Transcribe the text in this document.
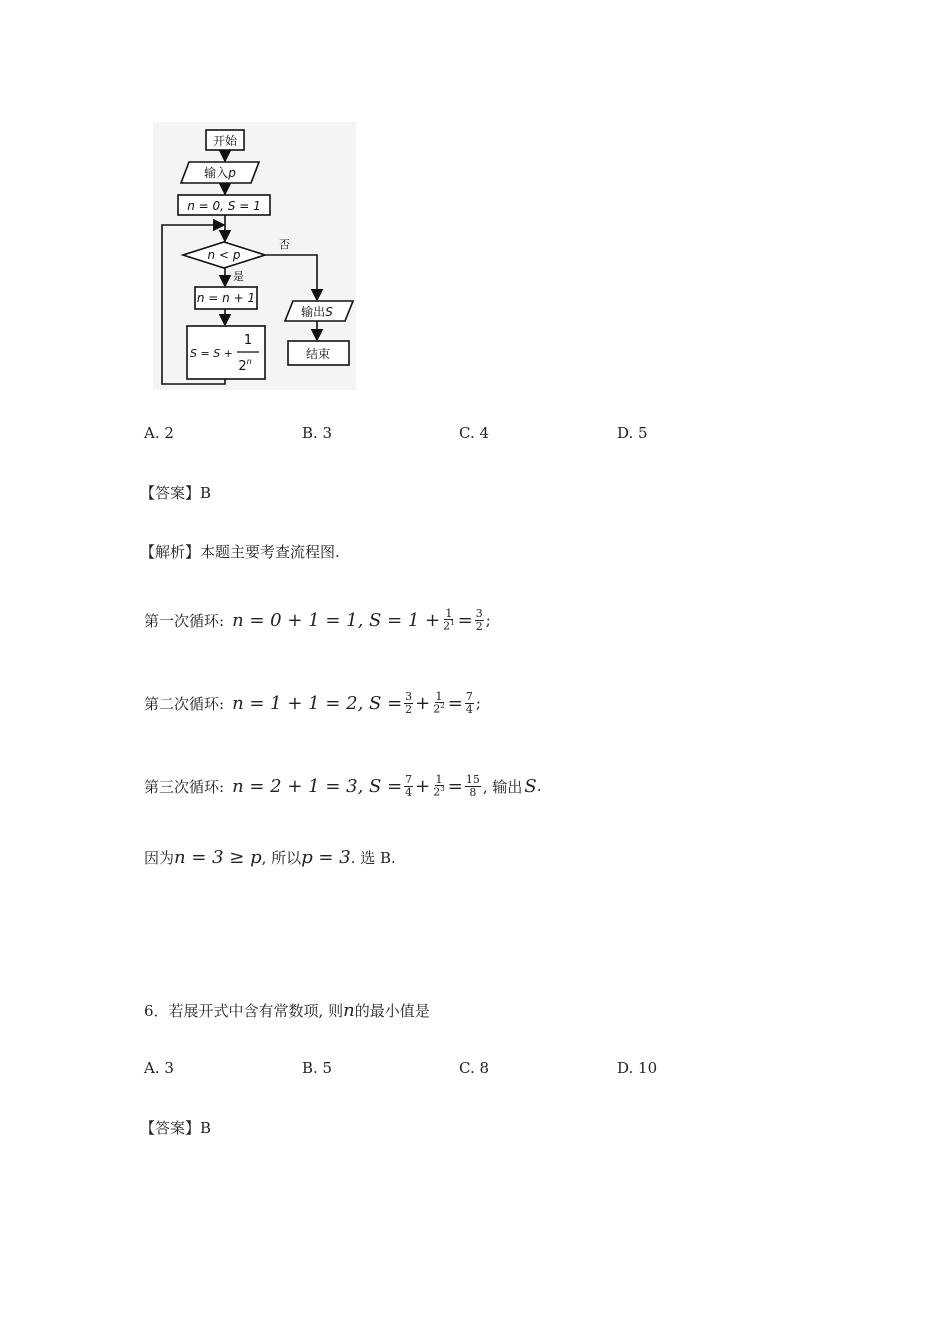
开始
输入p
n = 0, S = 1
n < p
是
否
n = n + 1
S = S +
1
2$^n$
输出S
结束
A. 2	B. 3	C. 4	D. 5
【答案】B
【解析】本题主要考查流程图.
第一次循环: n = 0 + 1 = 1, $S = 1 + \frac{1}{2^1} = \frac{3}{2}$ ;
第二次循环: n = 1 + 1 = 2, $S = \frac{3}{2} + \frac{1}{2^2} = \frac{7}{4}$ ;
第三次循环: n = 2 + 1 = 3, $S = \frac{7}{4} + \frac{1}{2^3} = \frac{15}{8}$ , 输出 S .
因为 n = 3 ≥ p , 所以 p = 3 . 选 B.
6．若展开式中含有常数项, 则 n 的最小值是
A. 3	B. 5	C. 8	D. 10
【答案】B
